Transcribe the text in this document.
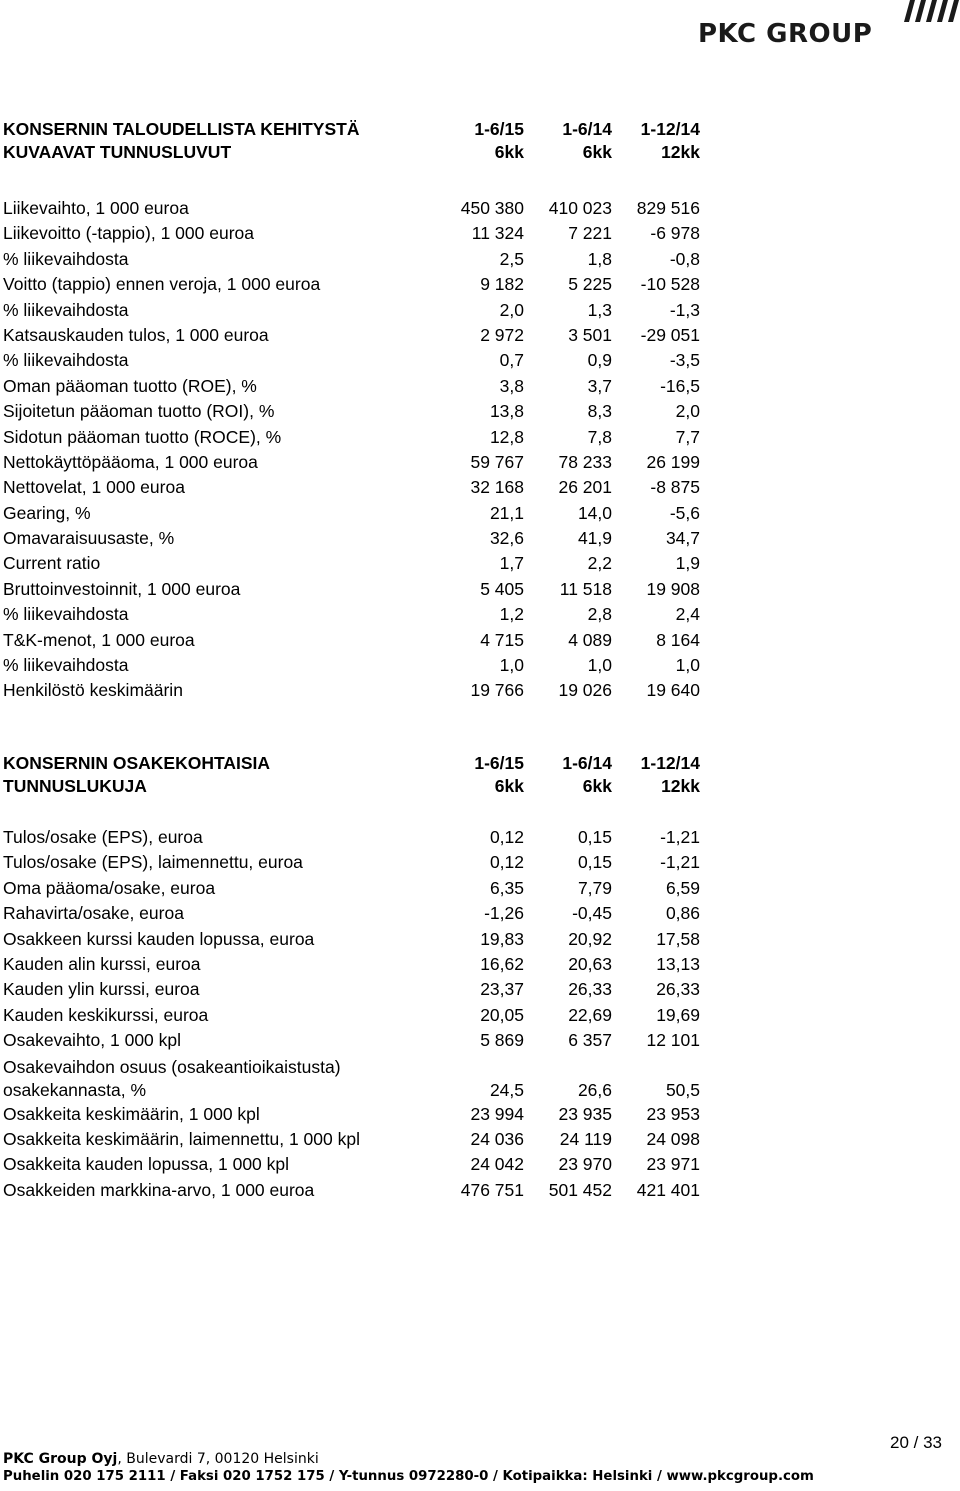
PKC GROUP
KONSERNIN TALOUDELLISTA KEHITYSTÄ	1-6/15	1-6/14	1-12/14
KUVAAVAT TUNNUSLUVUT	6kk	6kk	12kk
Liikevaihto, 1 000 euroa	450 380	410 023	829 516
Liikevoitto (-tappio), 1 000 euroa	11 324	7 221	-6 978
% liikevaihdosta	2,5	1,8	-0,8
Voitto (tappio) ennen veroja, 1 000 euroa	9 182	5 225	-10 528
% liikevaihdosta	2,0	1,3	-1,3
Katsauskauden tulos, 1 000 euroa	2 972	3 501	-29 051
% liikevaihdosta	0,7	0,9	-3,5
Oman pääoman tuotto (ROE), %	3,8	3,7	-16,5
Sijoitetun pääoman tuotto (ROI), %	13,8	8,3	2,0
Sidotun pääoman tuotto (ROCE), %	12,8	7,8	7,7
Nettokäyttöpääoma, 1 000 euroa	59 767	78 233	26 199
Nettovelat, 1 000 euroa	32 168	26 201	-8 875
Gearing, %	21,1	14,0	-5,6
Omavaraisuusaste, %	32,6	41,9	34,7
Current ratio	1,7	2,2	1,9
Bruttoinvestoinnit, 1 000 euroa	5 405	11 518	19 908
% liikevaihdosta	1,2	2,8	2,4
T&K-menot, 1 000 euroa	4 715	4 089	8 164
% liikevaihdosta	1,0	1,0	1,0
Henkilöstö keskimäärin	19 766	19 026	19 640
KONSERNIN OSAKEKOHTAISIA	1-6/15	1-6/14	1-12/14
TUNNUSLUKUJA	6kk	6kk	12kk
Tulos/osake (EPS), euroa	0,12	0,15	-1,21
Tulos/osake (EPS), laimennettu, euroa	0,12	0,15	-1,21
Oma pääoma/osake, euroa	6,35	7,79	6,59
Rahavirta/osake, euroa	-1,26	-0,45	0,86
Osakkeen kurssi kauden lopussa, euroa	19,83	20,92	17,58
Kauden alin kurssi, euroa	16,62	20,63	13,13
Kauden ylin kurssi, euroa	23,37	26,33	26,33
Kauden keskikurssi, euroa	20,05	22,69	19,69
Osakevaihto, 1 000 kpl	5 869	6 357	12 101
Osakevaihdon osuus (osakeantioikaistusta)
osakekannasta, %	24,5	26,6	50,5
Osakkeita keskimäärin, 1 000 kpl	23 994	23 935	23 953
Osakkeita keskimäärin, laimennettu, 1 000 kpl	24 036	24 119	24 098
Osakkeita kauden lopussa, 1 000 kpl	24 042	23 970	23 971
Osakkeiden markkina-arvo, 1 000 euroa	476 751	501 452	421 401
20 / 33
PKC Group Oyj, Bulevardi 7, 00120 Helsinki
Puhelin 020 175 2111 / Faksi 020 1752 175 / Y-tunnus 0972280-0 / Kotipaikka: Helsinki / www.pkcgroup.com
